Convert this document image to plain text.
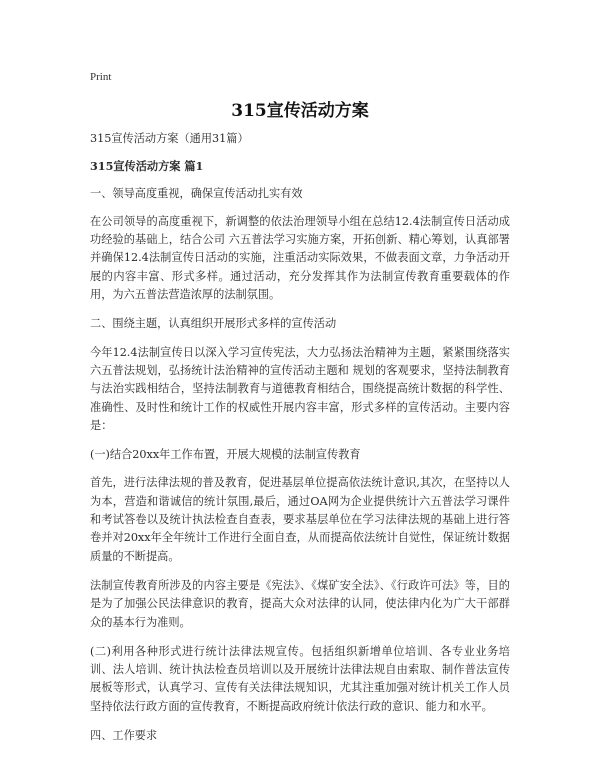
Print
315宣传活动方案

315宣传活动方案（通用31篇）

315宣传活动方案 篇1

一、领导高度重视，确保宣传活动扎实有效

在公司领导的高度重视下，新调整的依法治理领导小组在总结12.4法制宣传日活动成功经验的基础上，结合公司 六五普法学习实施方案，开拓创新、精心筹划，认真部署并确保12.4法制宣传日活动的实施，注重活动实际效果，不做表面文章，力争活动开展的内容丰富、形式多样。通过活动，充分发挥其作为法制宣传教育重要载体的作用，为六五普法营造浓厚的法制氛围。

二、围绕主题，认真组织开展形式多样的宣传活动

今年12.4法制宣传日以深入学习宣传宪法，大力弘扬法治精神为主题，紧紧围绕落实六五普法规划，弘扬统计法治精神的宣传活动主题和 规划的客观要求，坚持法制教育与法治实践相结合，坚持法制教育与道德教育相结合，围绕提高统计数据的科学性、准确性、及时性和统计工作的权威性开展内容丰富，形式多样的宣传活动。主要内容是：

(一)结合20xx年工作布置，开展大规模的法制宣传教育

首先，进行法律法规的普及教育，促进基层单位提高依法统计意识,其次，在坚持以人为本，营造和谐诚信的统计氛围,最后，通过OA网为企业提供统计六五普法学习课件和考试答卷以及统计执法检查自查表，要求基层单位在学习法律法规的基础上进行答卷并对20xx年全年统计工作进行全面自查，从而提高依法统计自觉性，保证统计数据质量的不断提高。

法制宣传教育所涉及的内容主要是《宪法》、《煤矿安全法》、《行政许可法》等，目的是为了加强公民法律意识的教育，提高大众对法律的认同，使法律内化为广大干部群众的基本行为准则。

(二)利用各种形式进行统计法律法规宣传。包括组织新增单位培训、各专业业务培训、法人培训、统计执法检查员培训以及开展统计法律法规自由索取、制作普法宣传展板等形式，认真学习、宣传有关法律法规知识，尤其注重加强对统计机关工作人员坚持依法行政方面的宣传教育，不断提高政府统计依法行政的意识、能力和水平。

四、工作要求
